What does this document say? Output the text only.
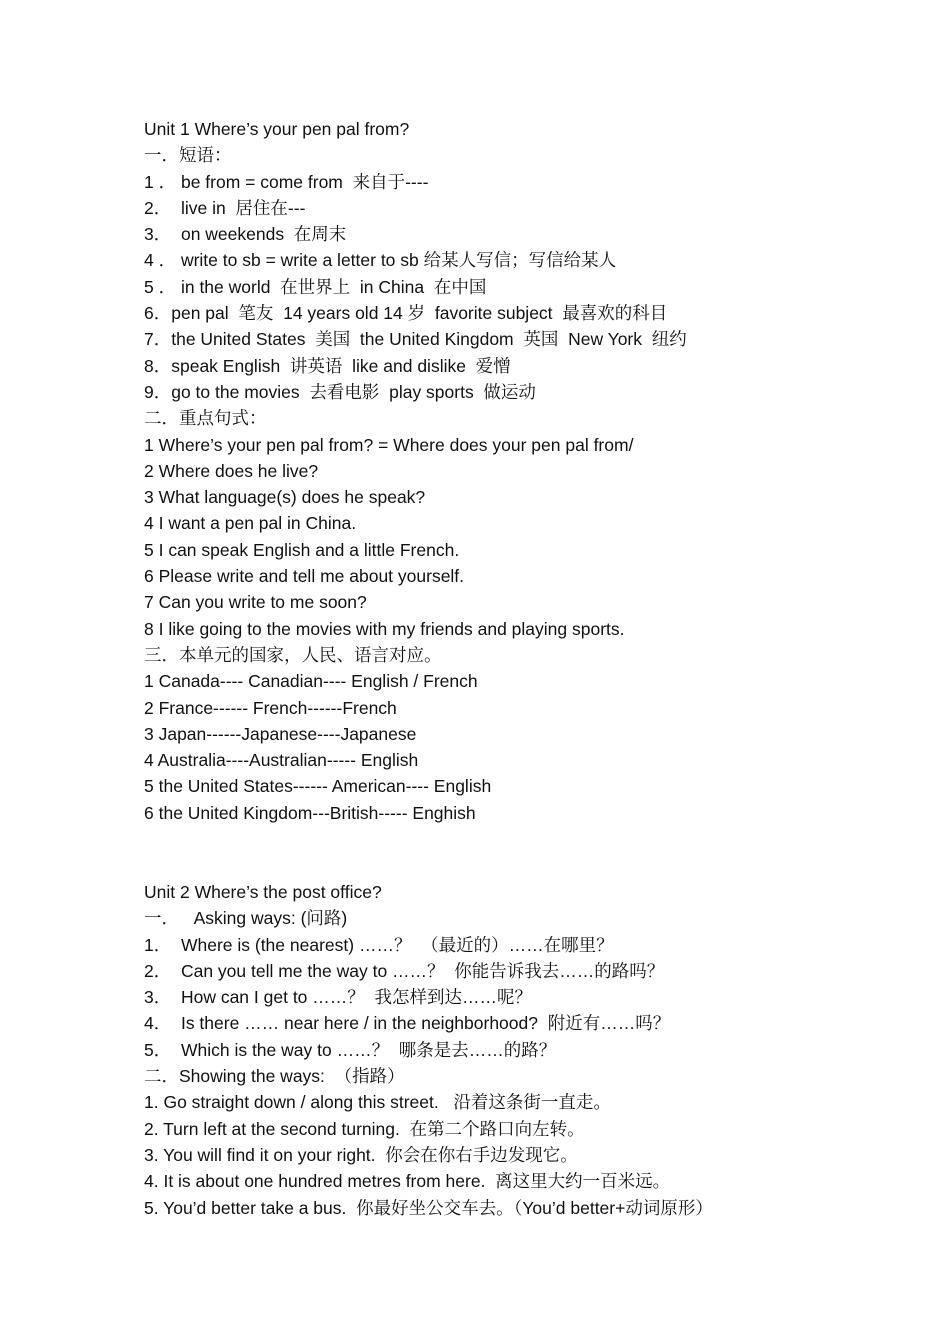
Unit 1 Where’s your pen pal from?
一．短语：
1 ． be from = come from  来自于----
2．  live in  居住在---
3．  on weekends  在周末
4 ． write to sb = write a letter to sb 给某人写信；写信给某人
5 ． in the world  在世界上  in China  在中国
6．pen pal  笔友  14 years old 14 岁  favorite subject  最喜欢的科目
7．the United States  美国  the United Kingdom  英国  New York  纽约
8．speak English  讲英语  like and dislike  爱憎
9．go to the movies  去看电影  play sports  做运动
二．重点句式：
1 Where’s your pen pal from? = Where does your pen pal from/
2 Where does he live?
3 What language(s) does he speak?
4 I want a pen pal in China.
5 I can speak English and a little French.
6 Please write and tell me about yourself.
7 Can you write to me soon?
8 I like going to the movies with my friends and playing sports.
三．本单元的国家，人民、语言对应。
1 Canada---- Canadian---- English / French
2 France------ French------French
3 Japan------Japanese----Japanese
4 Australia----Australian----- English
5 the United States------ American---- English
6 the United Kingdom---British----- Enghish
Unit 2 Where’s the post office?
一．   Asking ways: (问路)
1．  Where is (the nearest) ……？  （最近的）……在哪里？
2．  Can you tell me the way to ……？  你能告诉我去……的路吗？
3．  How can I get to ……？  我怎样到达……呢？
4．  Is there …… near here / in the neighborhood?  附近有……吗？
5．  Which is the way to ……？  哪条是去……的路？
二．Showing the ways:  （指路）
1. Go straight down / along this street.   沿着这条街一直走。
2. Turn left at the second turning.  在第二个路口向左转。
3. You will find it on your right.  你会在你右手边发现它。
4. It is about one hundred metres from here.  离这里大约一百米远。
5. You’d better take a bus.  你最好坐公交车去。（You’d better+动词原形）
